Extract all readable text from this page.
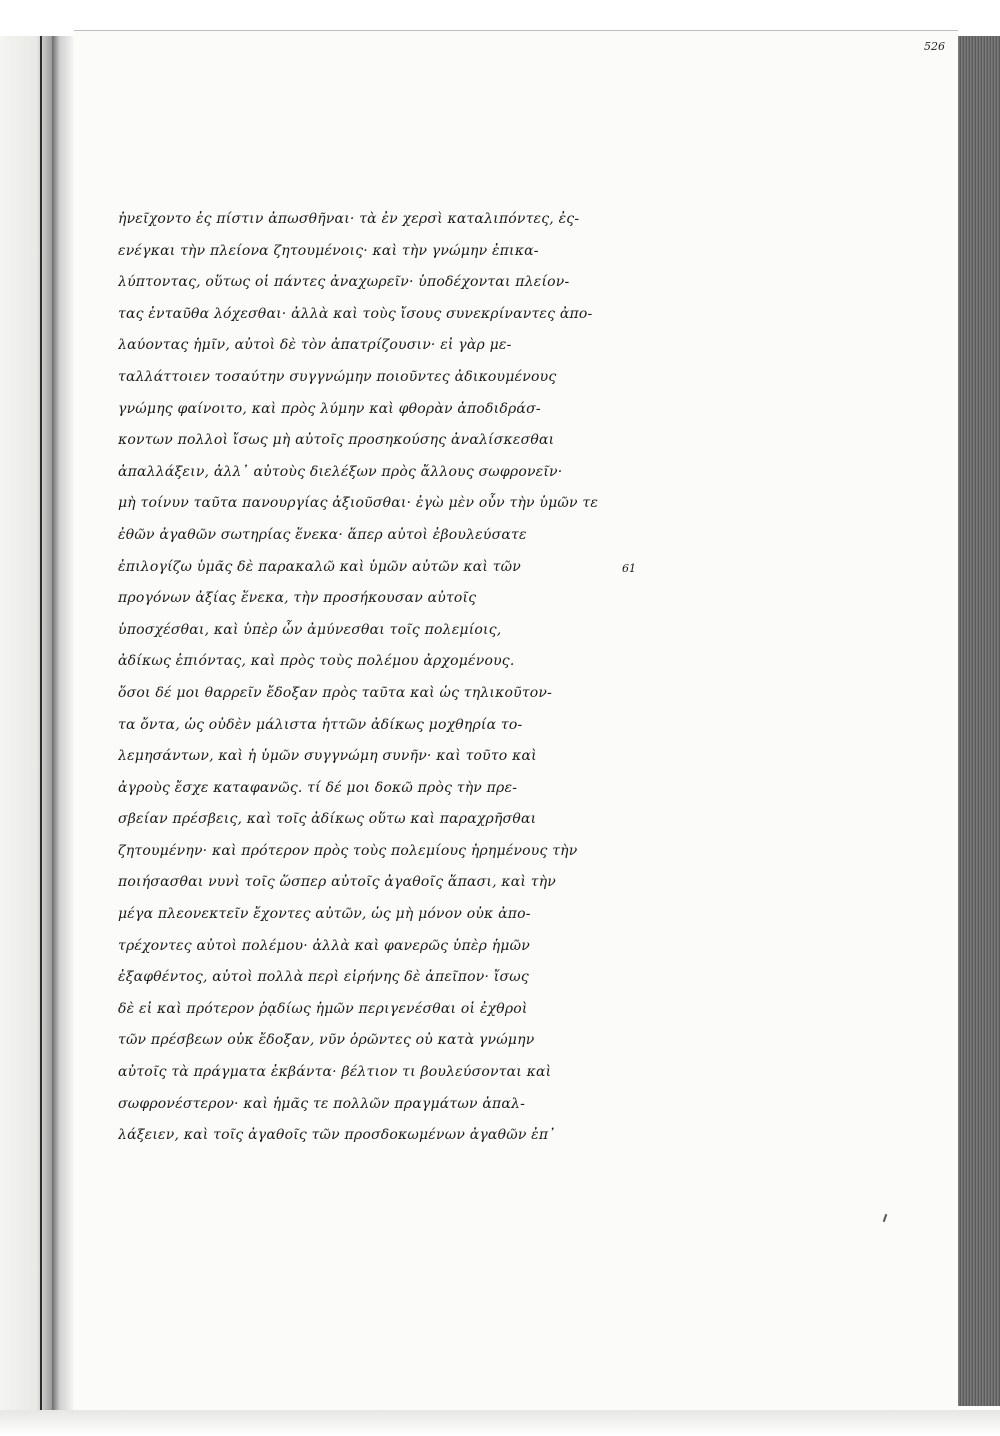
526
ἠνεῖχοντο ἐς πίστιν ἀπωσθῆναι· τὰ ἐν χερσὶ καταλιπόντες, ἐς-
ενέγκαι τὴν πλείονα ζητουμένοις· καὶ τὴν γνώμην ἐπικα-
λύπτοντας, οὕτως οἱ πάντες ἀναχωρεῖν· ὑποδέχονται πλείον-
τας ἐνταῦθα λόχεσθαι· ἀλλὰ καὶ τοὺς ἴσους συνεκρίναντες ἀπο-
λαύοντας ἡμῖν, αὐτοὶ δὲ τὸν ἀπατρίζουσιν· εἰ γὰρ με-
ταλλάττοιεν τοσαύτην συγγνώμην ποιοῦντες ἀδικουμένους
γνώμης φαίνοιτο, καὶ πρὸς λύμην καὶ φθορὰν ἀποδιδράσ-
κοντων πολλοὶ ἴσως μὴ αὐτοῖς προσηκούσης ἀναλίσκεσθαι
ἀπαλλάξειν, ἀλλ᾽ αὐτοὺς διελέξων πρὸς ἄλλους σωφρονεῖν·
μὴ τοίνυν ταῦτα πανουργίας ἀξιοῦσθαι· ἐγὼ μὲν οὖν τὴν ὑμῶν τε
ἐθῶν ἀγαθῶν σωτηρίας ἕνεκα· ἅπερ αὐτοὶ ἐβουλεύσατε
ἐπιλογίζω ὑμᾶς δὲ παρακαλῶ καὶ ὑμῶν αὐτῶν καὶ τῶν
προγόνων ἀξίας ἕνεκα, τὴν προσήκουσαν αὐτοῖς
ὑποσχέσθαι, καὶ ὑπὲρ ὧν ἀμύνεσθαι τοῖς πολεμίοις,
ἀδίκως ἐπιόντας, καὶ πρὸς τοὺς πολέμου ἀρχομένους.
ὅσοι δέ μοι θαρρεῖν ἔδοξαν πρὸς ταῦτα καὶ ὡς τηλικοῦτον-
τα ὄντα, ὡς οὐδὲν μάλιστα ἡττῶν ἀδίκως μοχθηρία το-
λεμησάντων, καὶ ἡ ὑμῶν συγγνώμη συνῆν· καὶ τοῦτο καὶ
ἀγροὺς ἔσχε καταφανῶς. τί δέ μοι δοκῶ πρὸς τὴν πρε-
σβείαν πρέσβεις, καὶ τοῖς ἀδίκως οὕτω καὶ παραχρῆσθαι
ζητουμένην· καὶ πρότερον πρὸς τοὺς πολεμίους ἠρημένους τὴν
ποιήσασθαι νυνὶ τοῖς ὥσπερ αὐτοῖς ἀγαθοῖς ἅπασι, καὶ τὴν
μέγα πλεονεκτεῖν ἔχοντες αὐτῶν, ὡς μὴ μόνον οὐκ ἀπο-
τρέχοντες αὐτοὶ πολέμου· ἀλλὰ καὶ φανερῶς ὑπὲρ ἡμῶν
ἐξαφθέντος, αὐτοὶ πολλὰ περὶ εἰρήνης δὲ ἀπεῖπον· ἴσως
δὲ εἰ καὶ πρότερον ῥᾳδίως ἡμῶν περιγενέσθαι οἱ ἐχθροὶ
τῶν πρέσβεων οὐκ ἔδοξαν, νῦν ὁρῶντες οὐ κατὰ γνώμην
αὐτοῖς τὰ πράγματα ἐκβάντα· βέλτιον τι βουλεύσονται καὶ
σωφρονέστερον· καὶ ἡμᾶς τε πολλῶν πραγμάτων ἀπαλ-
λάξειεν, καὶ τοῖς ἀγαθοῖς τῶν προσδοκωμένων ἀγαθῶν ἐπ᾽
61
